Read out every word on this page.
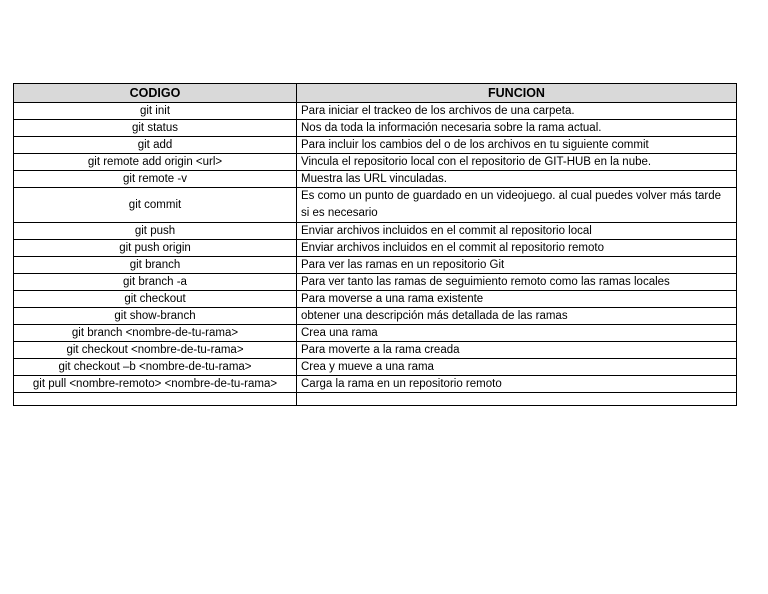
CODIGO	FUNCION
git init	Para iniciar el trackeo de los archivos de una carpeta.
git status	Nos da toda la información necesaria sobre la rama actual.
git add	Para incluir los cambios del o de los archivos en tu siguiente commit
git remote add origin <url>	Vincula el repositorio local con el repositorio de GIT-HUB en la nube.
git remote -v	Muestra las URL vinculadas.
git commit	Es como un punto de guardado en un videojuego. al cual puedes volver más tarde si es necesario
git push	Enviar archivos incluidos en el commit al repositorio local
git push origin	Enviar archivos incluidos en el commit al repositorio remoto
git branch	Para ver las ramas en un repositorio Git
git branch -a	Para ver tanto las ramas de seguimiento remoto como las ramas locales
git checkout	Para moverse a una rama existente
git show-branch	obtener una descripción más detallada de las ramas
git branch <nombre-de-tu-rama>	Crea una rama
git checkout <nombre-de-tu-rama>	Para moverte a la rama creada
git checkout –b <nombre-de-tu-rama>	Crea y mueve a una rama
git pull <nombre-remoto> <nombre-de-tu-rama>	Carga la rama en un repositorio remoto
